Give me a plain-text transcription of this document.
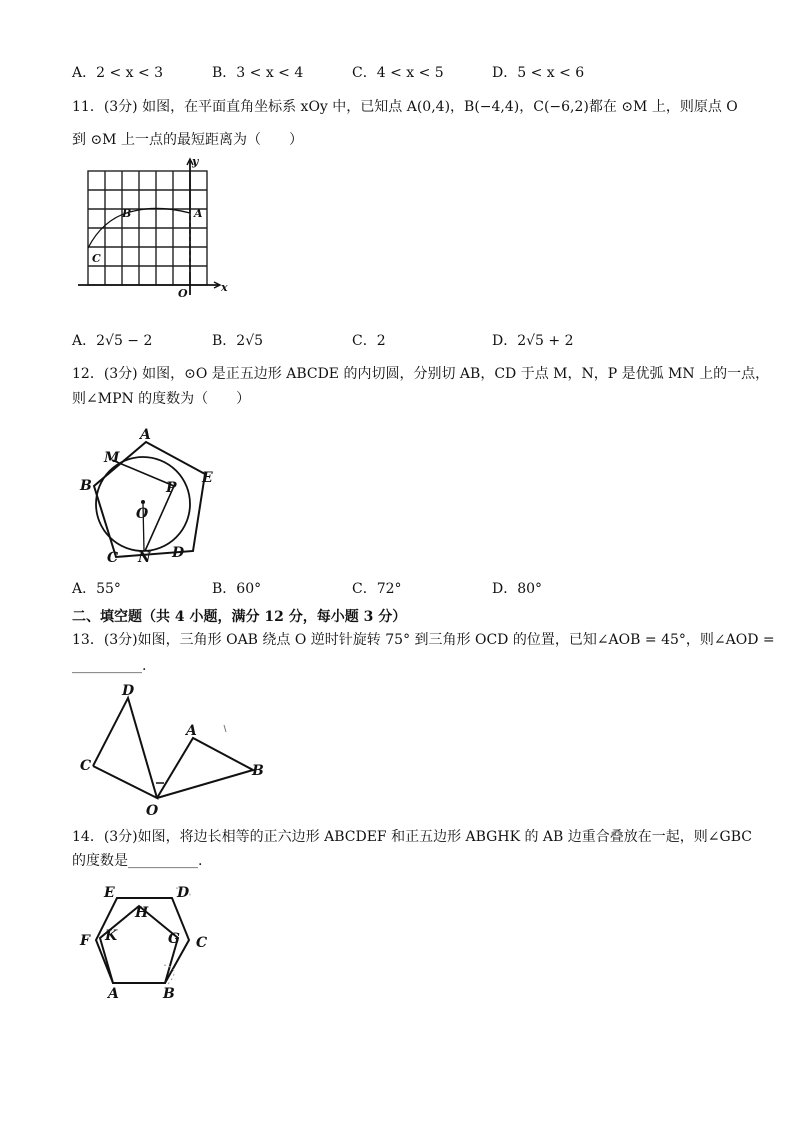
A．2 < x < 3	B．3 < x < 4	C．4 < x < 5	D．5 < x < 6
11．(3分) 如图，在平面直角坐标系 xOy 中，已知点 A(0,4)，B(−4,4)，C(−6,2)都在 ⊙M 上，则原点 O
到 ⊙M 上一点的最短距离为（　　）
y
x
A
B
C
O
A．2√5 − 2	B．2√5	C．2	D．2√5 + 2
12．(3分) 如图，⊙O 是正五边形 ABCDE 的内切圆，分别切 AB，CD 于点 M，N，P 是优弧 MN 上的一点，
则∠MPN 的度数为（　　）
A
M
E
P
B
O
D
C N
A．55°	B．60°	C．72°	D．80°
二、填空题（共 4 小题，满分 12 分，每小题 3 分）
13．(3分)如图，三角形 OAB 绕点 O 逆时针旋转 75° 到三角形 OCD 的位置，已知∠AOB = 45°，则∠AOD =
__________.
D
C
A
B
O
14．(3分)如图，将边长相等的正六边形 ABCDEF 和正五边形 ABGHK 的 AB 边重合叠放在一起，则∠GBC
的度数是__________.
E	D
H
F K	G C
A	B
